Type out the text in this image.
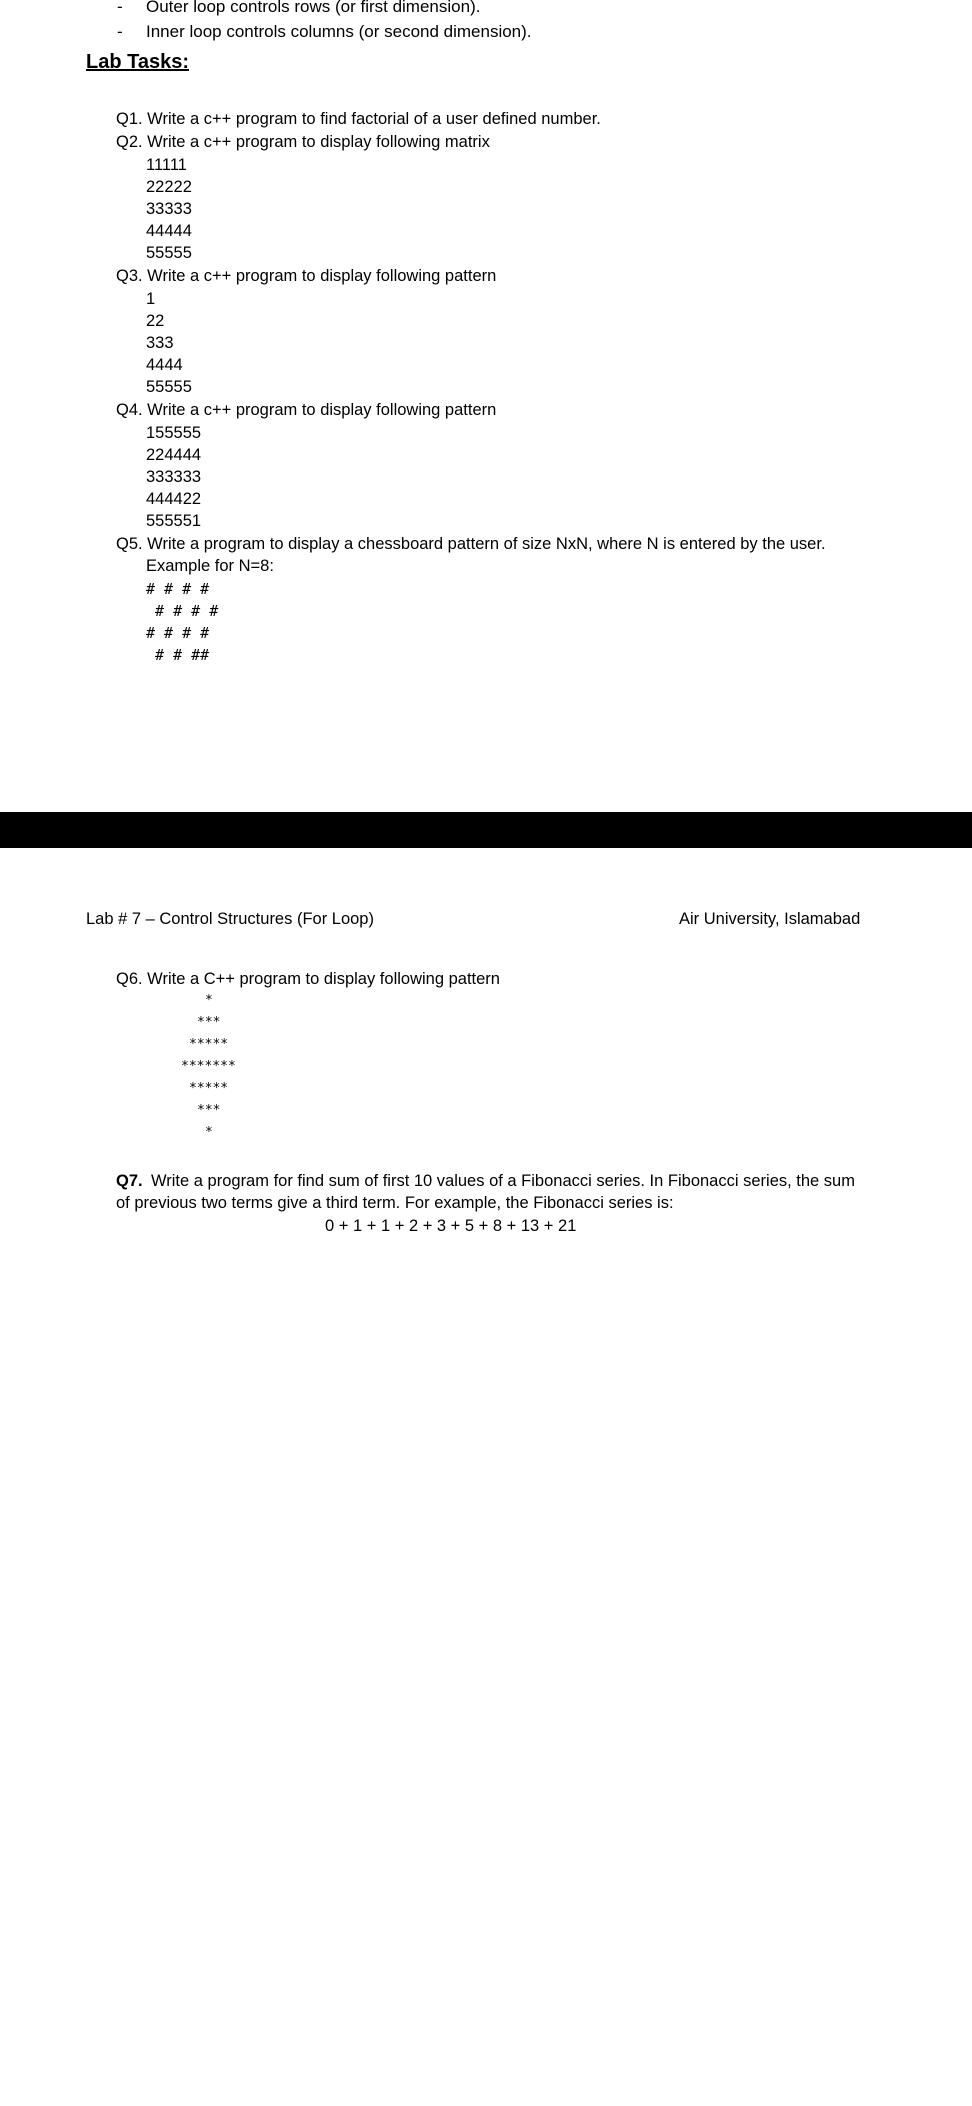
- Outer loop controls rows (or first dimension).
- Inner loop controls columns (or second dimension).
Lab Tasks:
Q1. Write a c++ program to find factorial of a user defined number.
Q2. Write a c++ program to display following matrix
11111
22222
33333
44444
55555
Q3. Write a c++ program to display following pattern
1
22
333
4444
55555
Q4. Write a c++ program to display following pattern
155555
224444
333333
444422
555551
Q5. Write a program to display a chessboard pattern of size NxN, where N is entered by the user.
Example for N=8:
# # # #
# # # #
# # # #
# # ##
Lab # 7 – Control Structures (For Loop)	Air University, Islamabad
Q6. Write a C++ program to display following pattern
*
***
*****
*******
*****
***
*
Q7. Write a program for find sum of first 10 values of a Fibonacci series. In Fibonacci series, the sum
of previous two terms give a third term. For example, the Fibonacci series is:
0 + 1 + 1 + 2 + 3 + 5 + 8 + 13 + 21
